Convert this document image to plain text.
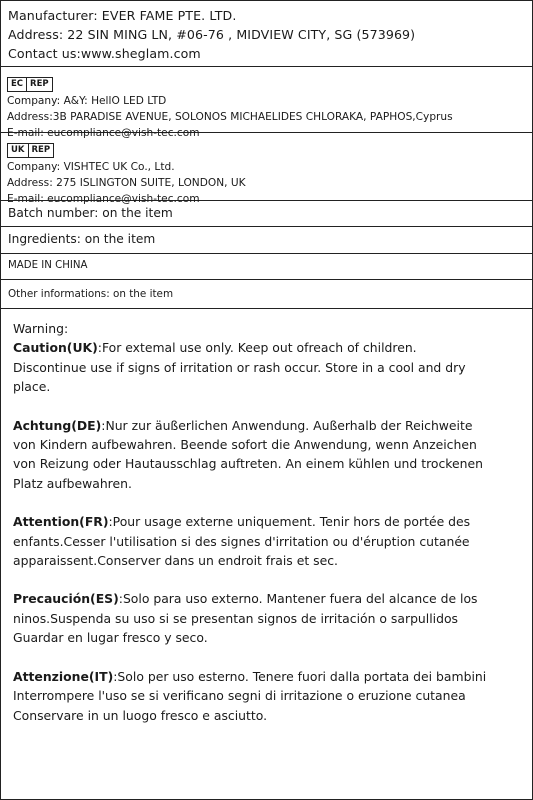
Manufacturer: EVER FAME PTE. LTD.
Address: 22 SIN MING LN, #06-76 , MIDVIEW CITY, SG (573969)
Contact us:www.sheglam.com
EC REP
Company: A&Y: HellO LED LTD
Address:3B PARADISE AVENUE, SOLONOS MICHAELIDES CHLORAKA, PAPHOS,Cyprus
E-mail: eucompliance@vish-tec.com
UK REP
Company: VISHTEC UK Co., Ltd.
Address: 275 ISLINGTON SUITE, LONDON, UK
E-mail: eucompliance@vish-tec.com
Batch number: on the item
Ingredients: on the item
MADE IN CHINA
Other informations: on the item
Warning:
Caution(UK):For extemal use only. Keep out ofreach of children.
Discontinue use if signs of irritation or rash occur. Store in a cool and dry
place.
Achtung(DE):Nur zur äußerlichen Anwendung. Außerhalb der Reichweite
von Kindern aufbewahren. Beende sofort die Anwendung, wenn Anzeichen
von Reizung oder Hautausschlag auftreten. An einem kühlen und trockenen
Platz aufbewahren.
Attention(FR):Pour usage externe uniquement. Tenir hors de portée des
enfants.Cesser l'utilisation si des signes d'irritation ou d'éruption cutanée
apparaissent.Conserver dans un endroit frais et sec.
Precaución(ES):Solo para uso externo. Mantener fuera del alcance de los
ninos.Suspenda su uso si se presentan signos de irritación o sarpullidos
Guardar en lugar fresco y seco.
Attenzione(IT):Solo per uso esterno. Tenere fuori dalla portata dei bambini
Interrompere l'uso se si verificano segni di irritazione o eruzione cutanea
Conservare in un luogo fresco e asciutto.
